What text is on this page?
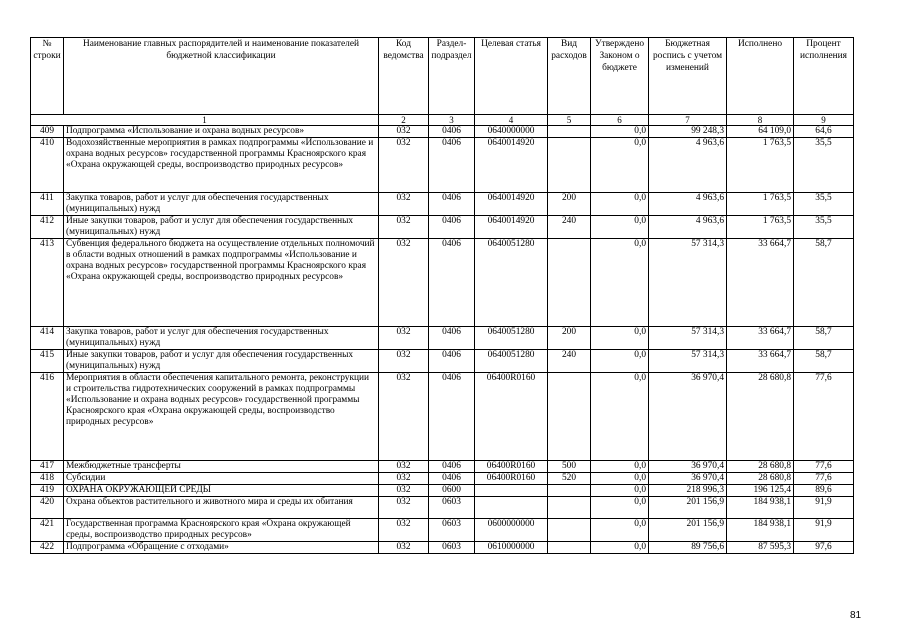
№ строки	Наименование главных распорядителей и наименование показателей бюджетной классификации	Код ведомства	Раздел-подраздел	Целевая статья	Вид расходов	Утверждено Законом о бюджете	Бюджетная роспись с учетом изменений	Исполнено	Процент исполнения
1		2	3	4	5	6	7	8	9
409	Подпрограмма «Использование и охрана водных ресурсов»	032	0406	0640000000		0,0	99 248,3	64 109,0	64,6
410	Водохозяйственные мероприятия в рамках подпрограммы «Использование и охрана водных ресурсов» государственной программы Красноярского края «Охрана окружающей среды, воспроизводство природных ресурсов»	032	0406	0640014920		0,0	4 963,6	1 763,5	35,5
411	Закупка товаров, работ и услуг для обеспечения государственных (муниципальных) нужд	032	0406	0640014920	200	0,0	4 963,6	1 763,5	35,5
412	Иные закупки товаров, работ и услуг для обеспечения государственных (муниципальных) нужд	032	0406	0640014920	240	0,0	4 963,6	1 763,5	35,5
413	Субвенция федерального бюджета на осуществление отдельных полномочий в области водных отношений в рамках подпрограммы «Использование и охрана водных ресурсов» государственной программы Красноярского края «Охрана окружающей среды, воспроизводство природных ресурсов»	032	0406	0640051280		0,0	57 314,3	33 664,7	58,7
414	Закупка товаров, работ и услуг для обеспечения государственных (муниципальных) нужд	032	0406	0640051280	200	0,0	57 314,3	33 664,7	58,7
415	Иные закупки товаров, работ и услуг для обеспечения государственных (муниципальных) нужд	032	0406	0640051280	240	0,0	57 314,3	33 664,7	58,7
416	Мероприятия в области обеспечения капитального ремонта, реконструкции и строительства гидротехнических сооружений в рамках подпрограммы «Использование и охрана водных ресурсов» государственной программы Красноярского края «Охрана окружающей среды, воспроизводство природных ресурсов»	032	0406	06400R0160		0,0	36 970,4	28 680,8	77,6
417	Межбюджетные трансферты	032	0406	06400R0160	500	0,0	36 970,4	28 680,8	77,6
418	Субсидии	032	0406	06400R0160	520	0,0	36 970,4	28 680,8	77,6
419	ОХРАНА ОКРУЖАЮЩЕЙ СРЕДЫ	032	0600			0,0	218 996,3	196 125,4	89,6
420	Охрана объектов растительного и животного мира и среды их обитания	032	0603			0,0	201 156,9	184 938,1	91,9
421	Государственная программа Красноярского края «Охрана окружающей среды, воспроизводство природных ресурсов»	032	0603	0600000000		0,0	201 156,9	184 938,1	91,9
422	Подпрограмма «Обращение с отходами»	032	0603	0610000000		0,0	89 756,6	87 595,3	97,6
81
